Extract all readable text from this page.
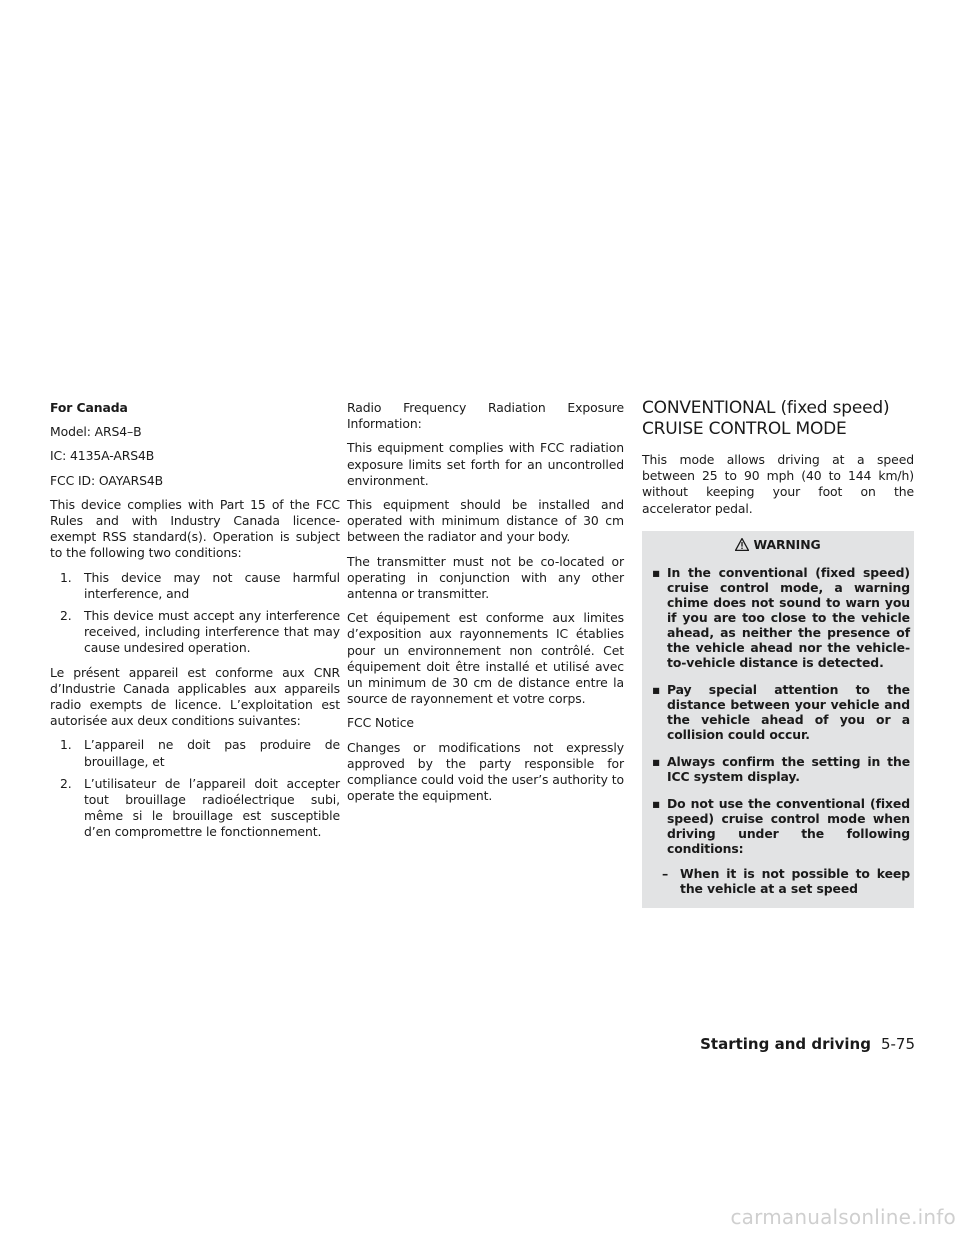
For Canada

Model: ARS4–B

IC: 4135A-ARS4B

FCC ID: OAYARS4B

This device complies with Part 15 of the FCC Rules and with Industry Canada licence-exempt RSS standard(s). Operation is subject to the following two conditions:

1. This device may not cause harmful interference, and
2. This device must accept any interference received, including interference that may cause undesired operation.

Le présent appareil est conforme aux CNR d’Industrie Canada applicables aux appareils radio exempts de licence. L’exploitation est autorisée aux deux conditions suivantes:

1. L’appareil ne doit pas produire de brouillage, et
2. L’utilisateur de l’appareil doit accepter tout brouillage radioélectrique subi, même si le brouillage est susceptible d’en compromettre le fonctionnement.

Radio Frequency Radiation Exposure Information:

This equipment complies with FCC radiation exposure limits set forth for an uncontrolled environment.

This equipment should be installed and operated with minimum distance of 30 cm between the radiator and your body.

The transmitter must not be co-located or operating in conjunction with any other antenna or transmitter.

Cet équipement est conforme aux limites d’exposition aux rayonnements IC établies pour un environnement non contrôlé. Cet équipement doit être installé et utilisé avec un minimum de 30 cm de distance entre la source de rayonnement et votre corps.

FCC Notice

Changes or modifications not expressly approved by the party responsible for compliance could void the user’s authority to operate the equipment.

CONVENTIONAL (fixed speed)
CRUISE CONTROL MODE

This mode allows driving at a speed between 25 to 90 mph (40 to 144 km/h) without keeping your foot on the accelerator pedal.

WARNING
▪ In the conventional (fixed speed) cruise control mode, a warning chime does not sound to warn you if you are too close to the vehicle ahead, as neither the presence of the vehicle ahead nor the vehicle-to-vehicle distance is detected.
▪ Pay special attention to the distance between your vehicle and the vehicle ahead of you or a collision could occur.
▪ Always confirm the setting in the ICC system display.
▪ Do not use the conventional (fixed speed) cruise control mode when driving under the following conditions:
– When it is not possible to keep the vehicle at a set speed
Starting and driving 5-75
carmanualsonline.info
